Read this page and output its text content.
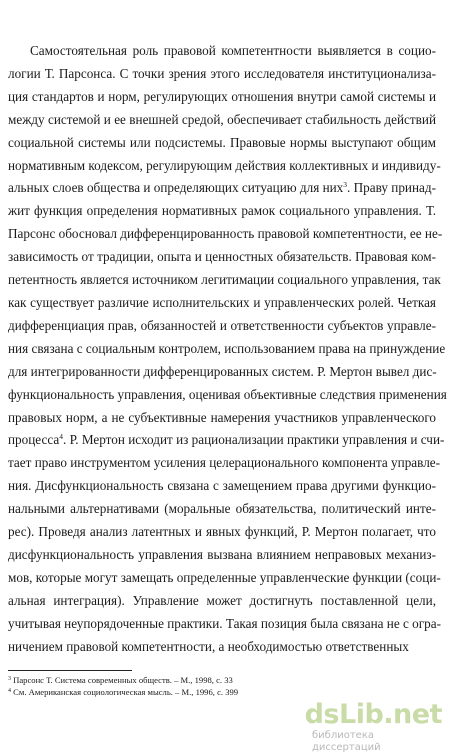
Самостоятельная роль правовой компетентности выявляется в социо-
логии Т. Парсонса. С точки зрения этого исследователя институционализа-
ция стандартов и норм, регулирующих отношения внутри самой системы и
между системой и ее внешней средой, обеспечивает стабильность действий
социальной системы или подсистемы. Правовые нормы выступают общим
нормативным кодексом, регулирующим действия коллективных и индивиду-
альных слоев общества и определяющих ситуацию для них$^3$. Праву принад-
жит функция определения нормативных рамок социального управления. Т.
Парсонс обосновал дифференцированность правовой компетентности, ее не-
зависимость от традиции, опыта и ценностных обязательств. Правовая ком-
петентность является источником легитимации социального управления, так
как существует различие исполнительских и управленческих ролей. Четкая
дифференциация прав, обязанностей и ответственности субъектов управле-
ния связана с социальным контролем, использованием права на принуждение
для интегрированности дифференцированных систем. Р. Мертон вывел дис-
функциональность управления, оценивая объективные следствия применения
правовых норм, а не субъективные намерения участников управленческого
процесса$^4$. Р. Мертон исходит из рационализации практики управления и счи-
тает право инструментом усиления целерационального компонента управле-
ния. Дисфункциональность связана с замещением права другими функцио-
нальными альтернативами (моральные обязательства, политический инте-
рес). Проведя анализ латентных и явных функций, Р. Мертон полагает, что
дисфункциональность управления вызвана влиянием неправовых механиз-
мов, которые могут замещать определенные управленческие функции (соци-
альная интеграция). Управление может достигнуть поставленной цели,
учитывая неупорядоченные практики. Такая позиция была связана не с огра-
ничением правовой компетентности, а необходимостью ответственных
$^3$ Парсонс Т. Система современных обществ. – М., 1998, с. 33
$^4$ См. Американская социологическая мысль. – М., 1996, с. 399
dsLib.net
библиотека диссертаций
